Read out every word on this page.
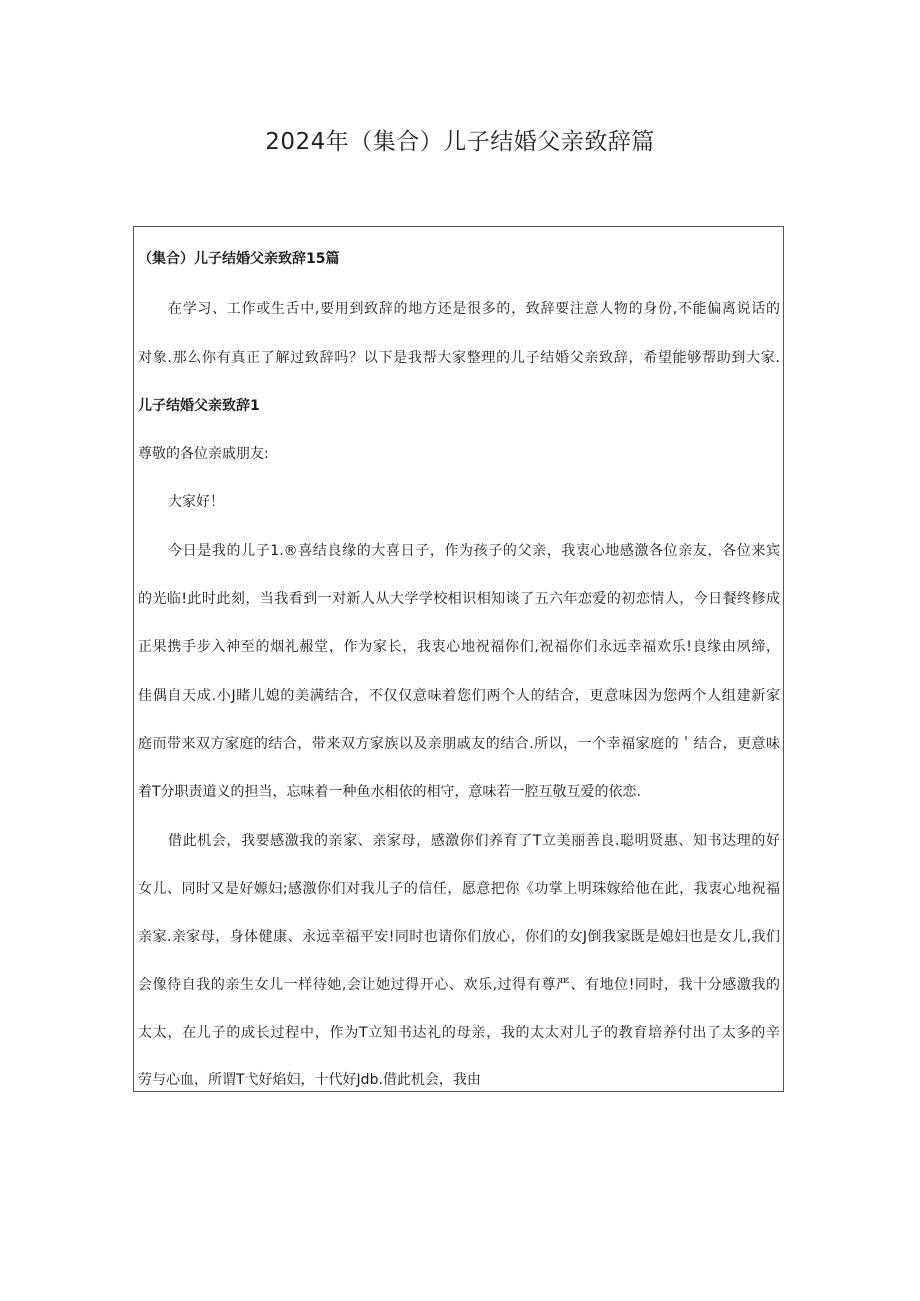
2024年（集合）儿子结婚父亲致辞篇
（集合）儿子结婚父亲致辞15篇
在学习、工作或生舌中,要用到致辞的地方还是很多的，致辞要注意人物的身份,不能偏离说话的
对象.那么你有真正了解过致辞吗？以下是我帮大家整理的儿子结婚父亲致辞，希望能够帮助到大家.
儿子结婚父亲致辞1
尊敬的各位亲戚朋友:
大家好！
今日是我的儿子1.®喜结良缘的大喜日子，作为孩子的父亲，我衷心地感激各位亲友，各位来宾
的光临!此时此刻，当我看到一对新人从大学学校相识相知谈了五六年恋爱的初恋情人，今日餐终修成
正果携手步入神至的烟礼赧堂，作为家长，我衷心地祝福你们,祝福你们永远幸福欢乐!良缘由夙缔，
佳偶自天成.小J睹儿媳的美满结合，不仅仅意味着您们两个人的结合，更意味因为您两个人组建新家
庭而带来双方家庭的结合，带来双方家族以及亲朋戚友的结合.所以，一个幸福家庭的＇结合，更意味
着T分职责道义的担当，忘味着一种鱼水相依的相守，意味若一腔互敬互爱的依恋.
借此机会，我要感激我的亲家、亲家母，感激你们养育了T立美丽善良.聪明贤惠、知书达理的好
女儿、同时又是好嫄妇;感激你们对我儿子的信任，愿意把你《功掌上明珠嫁给他在此，我衷心地祝福
亲家.亲家母，身体健康、永远幸福平安!同时也请你们放心，你们的女J倒我家既是媳妇也是女儿,我们
会像待自我的亲生女儿一样待她,会让她过得开心、欢乐,过得有尊严、有地位!同时，我十分感激我的
太太，在儿子的成长过程中，作为T立知书达礼的母亲，我的太太对儿子的教育培养付出了太多的辛
劳与心血，所谓T弋好焰妇，十代好Jdb.借此机会，我由
